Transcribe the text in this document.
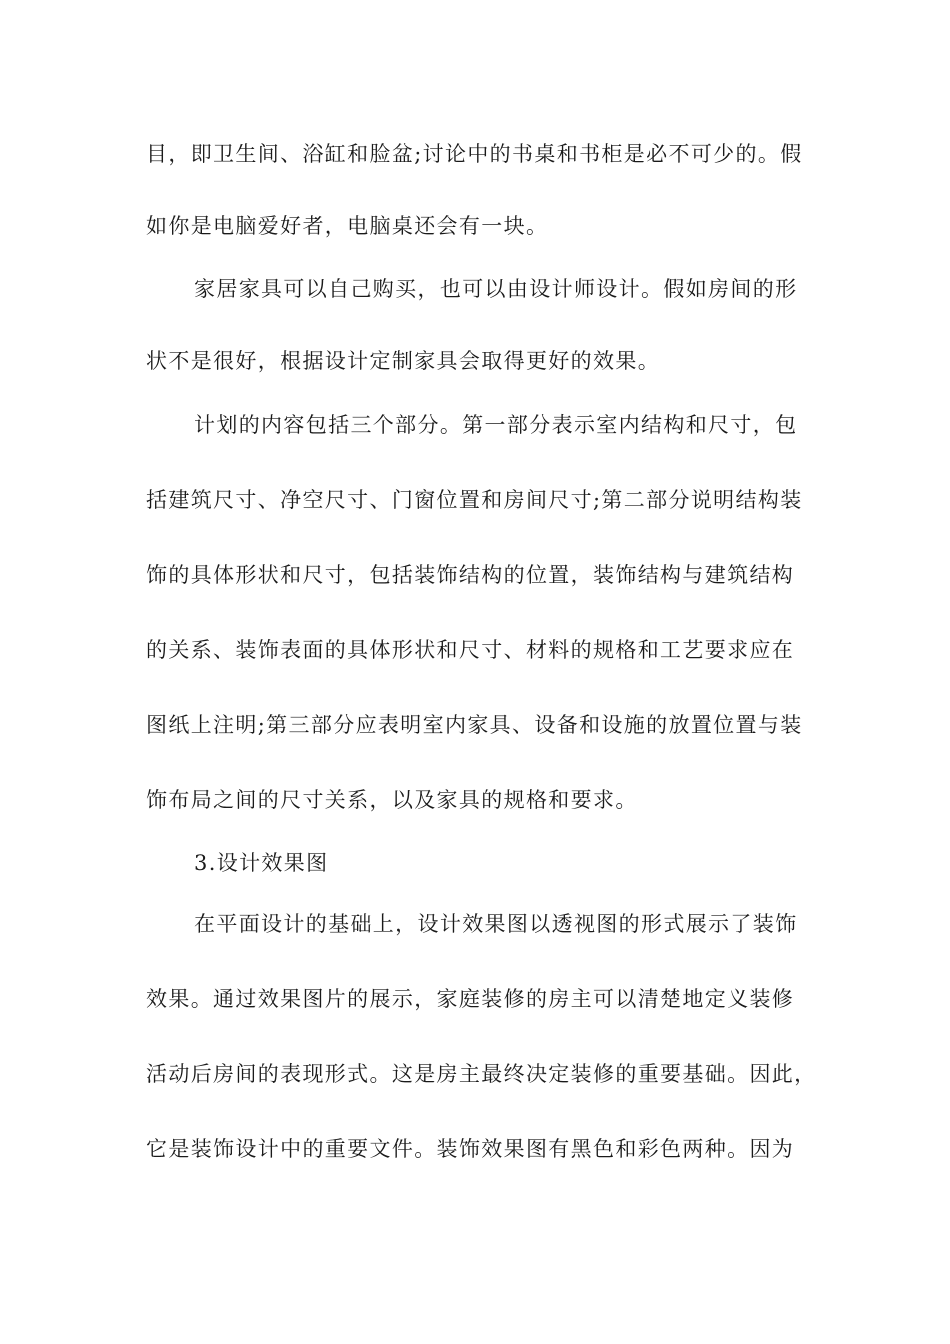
目，即卫生间、浴缸和脸盆;讨论中的书桌和书柜是必不可少的。假
如你是电脑爱好者，电脑桌还会有一块。
家居家具可以自己购买，也可以由设计师设计。假如房间的形
状不是很好，根据设计定制家具会取得更好的效果。
计划的内容包括三个部分。第一部分表示室内结构和尺寸，包
括建筑尺寸、净空尺寸、门窗位置和房间尺寸;第二部分说明结构装
饰的具体形状和尺寸，包括装饰结构的位置，装饰结构与建筑结构
的关系、装饰表面的具体形状和尺寸、材料的规格和工艺要求应在
图纸上注明;第三部分应表明室内家具、设备和设施的放置位置与装
饰布局之间的尺寸关系，以及家具的规格和要求。
3.设计效果图
在平面设计的基础上，设计效果图以透视图的形式展示了装饰
效果。通过效果图片的展示，家庭装修的房主可以清楚地定义装修
活动后房间的表现形式。这是房主最终决定装修的重要基础。因此，
它是装饰设计中的重要文件。装饰效果图有黑色和彩色两种。因为
